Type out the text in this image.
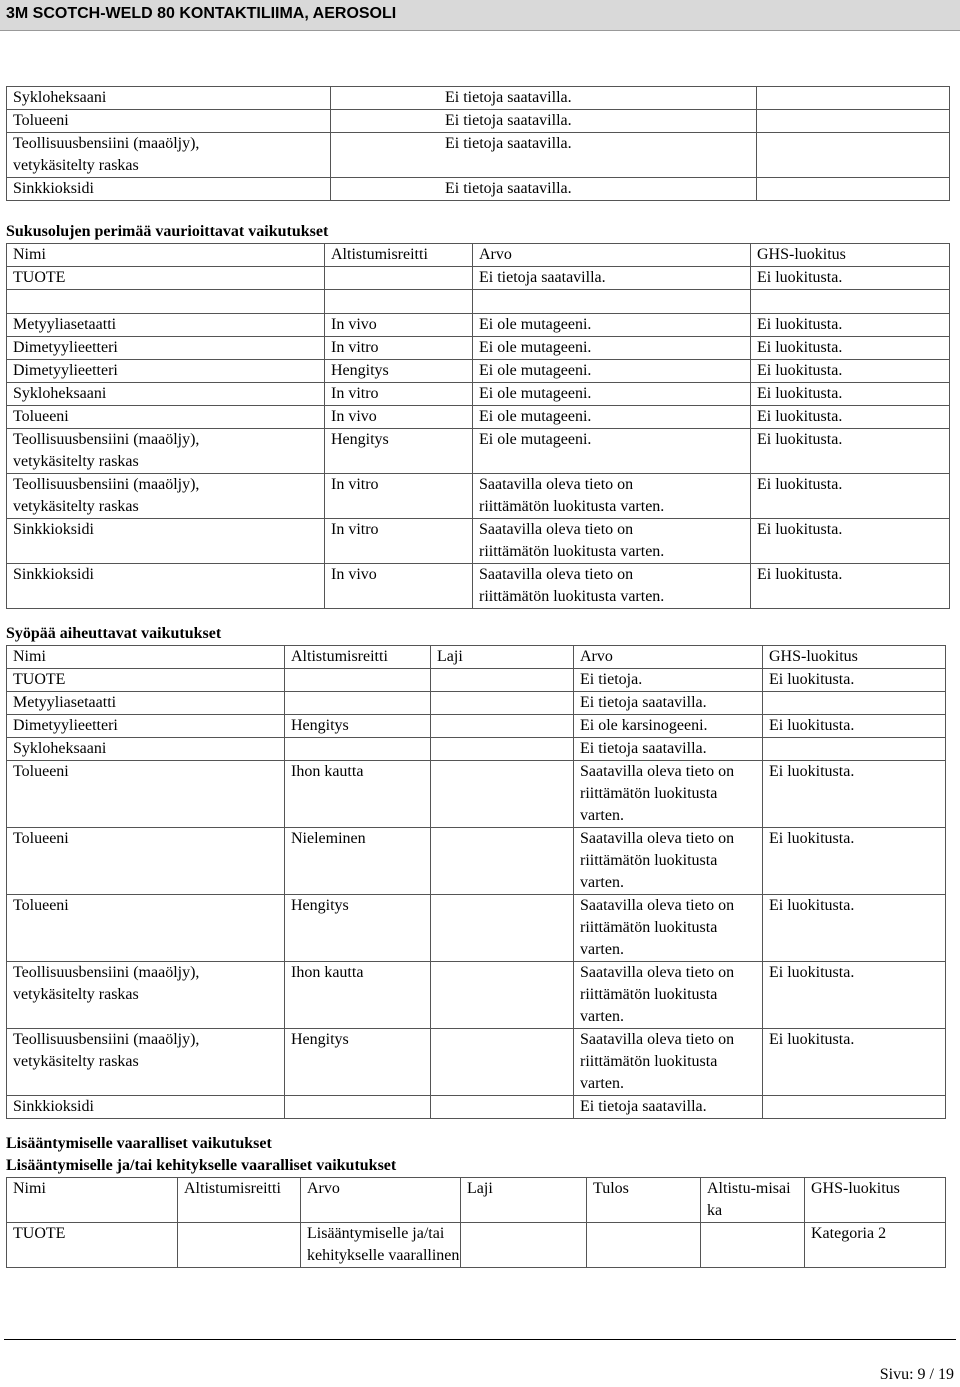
3M SCOTCH-WELD 80 KONTAKTILIIMA, AEROSOLI
Sykloheksaani	Ei tietoja saatavilla.	
Tolueeni	Ei tietoja saatavilla.	
Teollisuusbensiini (maaöljy), vetykäsitelty raskas	Ei tietoja saatavilla.	
Sinkkioksidi	Ei tietoja saatavilla.	
Sukusolujen perimää vaurioittavat vaikutukset
Nimi	Altistumisreitti	Arvo	GHS-luokitus
TUOTE		Ei tietoja saatavilla.	Ei luokitusta.

Metyyliasetaatti	In vivo	Ei ole mutageeni.	Ei luokitusta.
Dimetyylieetteri	In vitro	Ei ole mutageeni.	Ei luokitusta.
Dimetyylieetteri	Hengitys	Ei ole mutageeni.	Ei luokitusta.
Sykloheksaani	In vitro	Ei ole mutageeni.	Ei luokitusta.
Tolueeni	In vivo	Ei ole mutageeni.	Ei luokitusta.
Teollisuusbensiini (maaöljy), vetykäsitelty raskas	Hengitys	Ei ole mutageeni.	Ei luokitusta.
Teollisuusbensiini (maaöljy), vetykäsitelty raskas	In vitro	Saatavilla oleva tieto on riittämätön luokitusta varten.	Ei luokitusta.
Sinkkioksidi	In vitro	Saatavilla oleva tieto on riittämätön luokitusta varten.	Ei luokitusta.
Sinkkioksidi	In vivo	Saatavilla oleva tieto on riittämätön luokitusta varten.	Ei luokitusta.
Syöpää aiheuttavat vaikutukset
Nimi	Altistumisreitti	Laji	Arvo	GHS-luokitus
TUOTE			Ei tietoja.	Ei luokitusta.
Metyyliasetaatti			Ei tietoja saatavilla.	
Dimetyylieetteri	Hengitys		Ei ole karsinogeeni.	Ei luokitusta.
Sykloheksaani			Ei tietoja saatavilla.	
Tolueeni	Ihon kautta		Saatavilla oleva tieto on riittämätön luokitusta varten.	Ei luokitusta.
Tolueeni	Nieleminen		Saatavilla oleva tieto on riittämätön luokitusta varten.	Ei luokitusta.
Tolueeni	Hengitys		Saatavilla oleva tieto on riittämätön luokitusta varten.	Ei luokitusta.
Teollisuusbensiini (maaöljy), vetykäsitelty raskas	Ihon kautta		Saatavilla oleva tieto on riittämätön luokitusta varten.	Ei luokitusta.
Teollisuusbensiini (maaöljy), vetykäsitelty raskas	Hengitys		Saatavilla oleva tieto on riittämätön luokitusta varten.	Ei luokitusta.
Sinkkioksidi			Ei tietoja saatavilla.	
Lisääntymiselle vaaralliset vaikutukset
Lisääntymiselle ja/tai kehitykselle vaaralliset vaikutukset
Nimi	Altistumisreitti	Arvo	Laji	Tulos	Altistu-misaika	GHS-luokitus
TUOTE		Lisääntymiselle ja/tai kehitykselle vaarallinen				Kategoria 2
Sivu: 9 / 19
